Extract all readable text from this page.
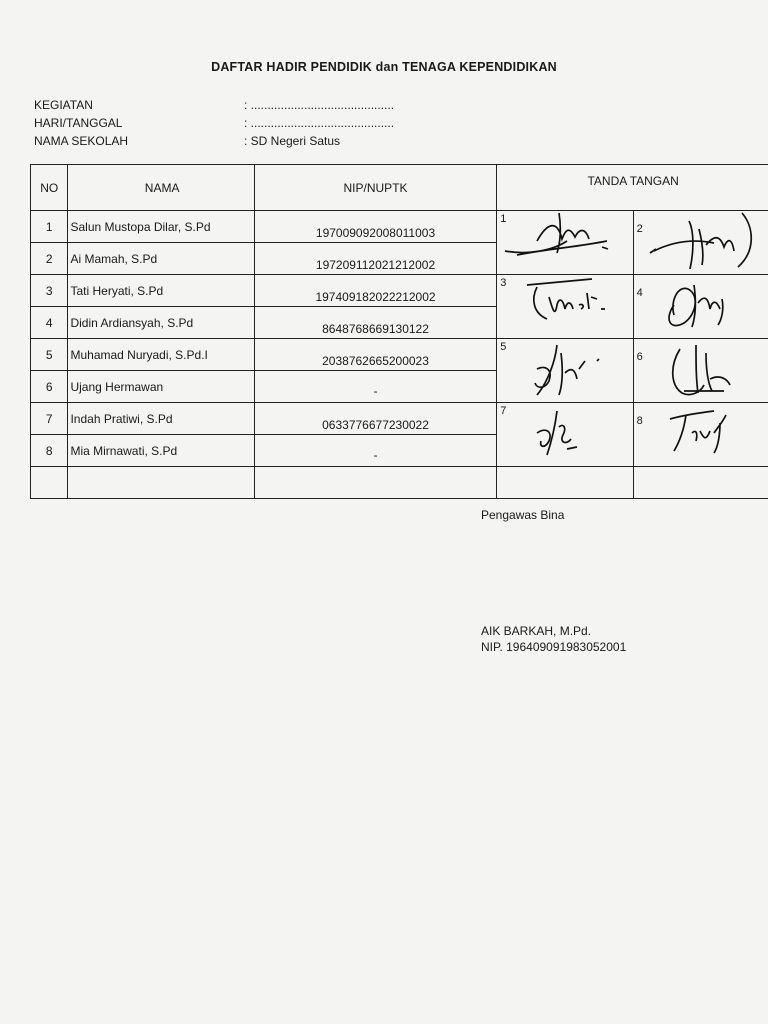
DAFTAR HADIR PENDIDIK dan TENAGA KEPENDIDIKAN
KEGIATAN	: ...........................................
HARI/TANGGAL	: ...........................................
NAMA SEKOLAH	: SD Negeri Satus
NO	NAMA	NIP/NUPTK	TANDA TANGAN	
1	Salun Mustopa Dilar, S.Pd	197009092008011003	1	2

2	Ai Mamah, S.Pd	197209112021212002		

3	Tati Heryati, S.Pd	197409182022212002	3	4

4	Didin Ardiansyah, S.Pd	8648768669130122		

5	Muhamad Nuryadi, S.Pd.I	2038762665200023	5	6

6	Ujang Hermawan	-		

7	Indah Pratiwi, S.Pd	0633776677230022	7	8

8	Mia Mirnawati, S.Pd	-		

Pengawas Bina
AIK BARKAH, M.Pd.
NIP. 196409091983052001
